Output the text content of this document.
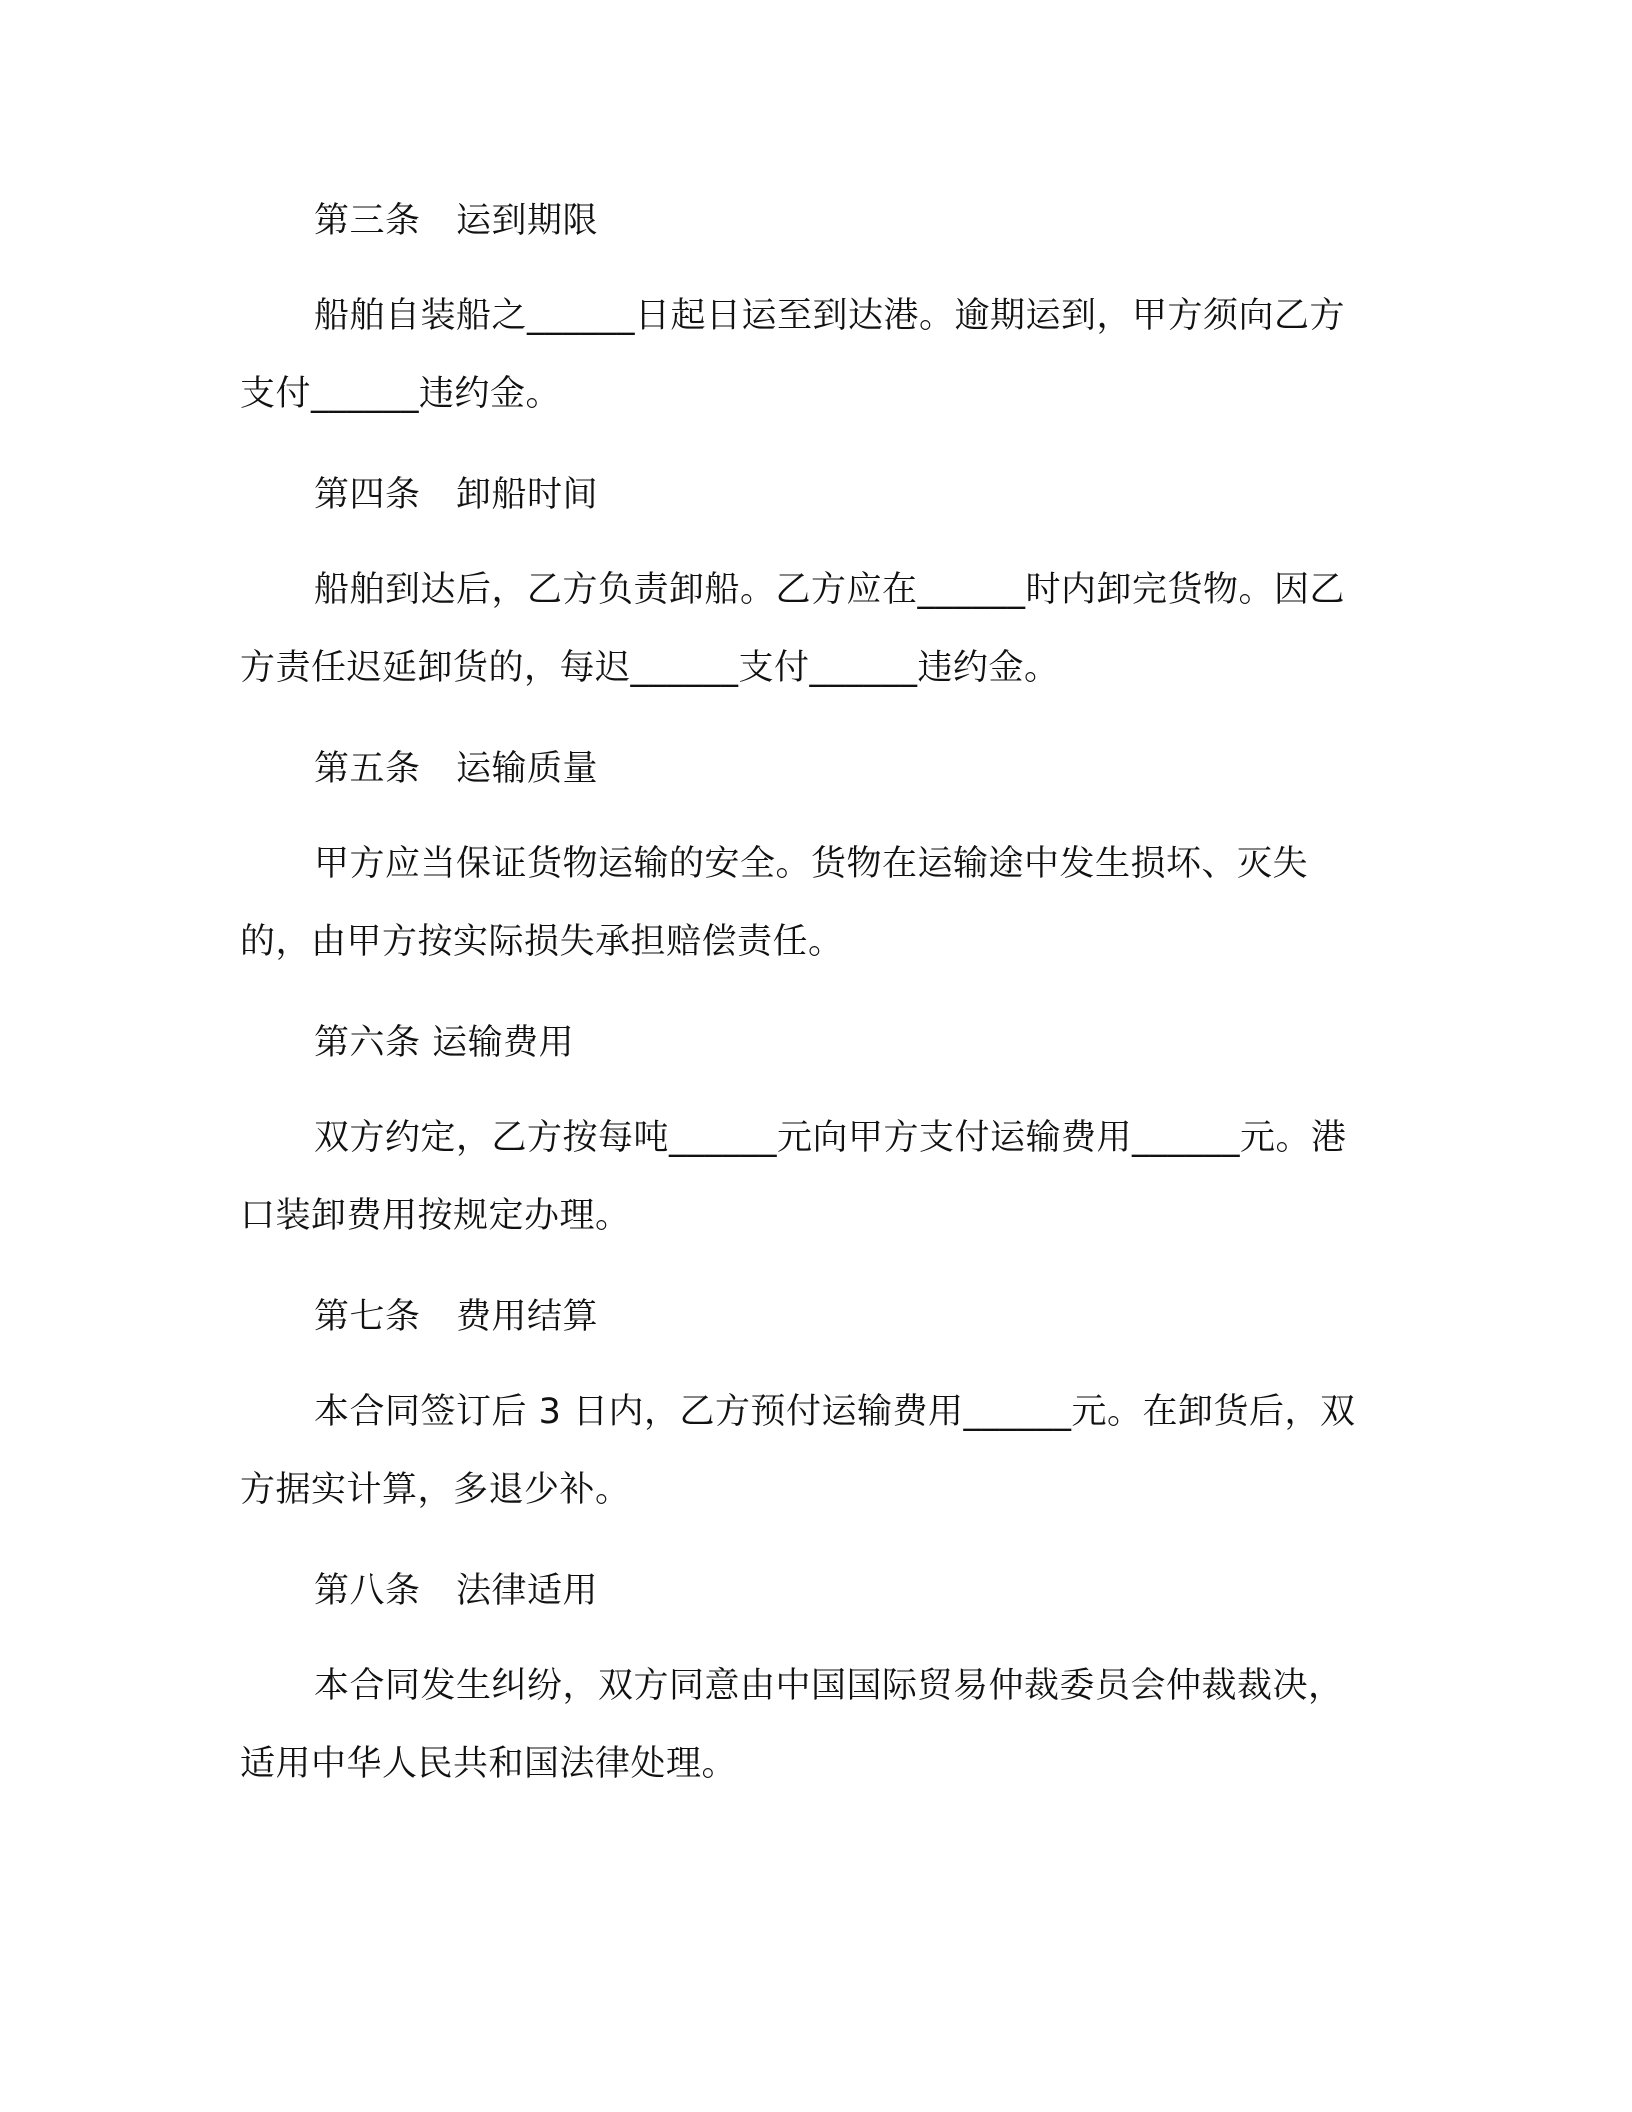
第三条　运到期限

船舶自装船之______日起日运至到达港。逾期运到，甲方须向乙方支付______违约金。

第四条　卸船时间

船舶到达后，乙方负责卸船。乙方应在______时内卸完货物。因乙方责任迟延卸货的，每迟______支付______违约金。

第五条　运输质量

甲方应当保证货物运输的安全。货物在运输途中发生损坏、灭失的，由甲方按实际损失承担赔偿责任。

第六条 运输费用

双方约定，乙方按每吨______元向甲方支付运输费用______元。港口装卸费用按规定办理。

第七条　费用结算

本合同签订后 3 日内，乙方预付运输费用______元。在卸货后，双方据实计算，多退少补。

第八条　法律适用

本合同发生纠纷，双方同意由中国国际贸易仲裁委员会仲裁裁决，适用中华人民共和国法律处理。
